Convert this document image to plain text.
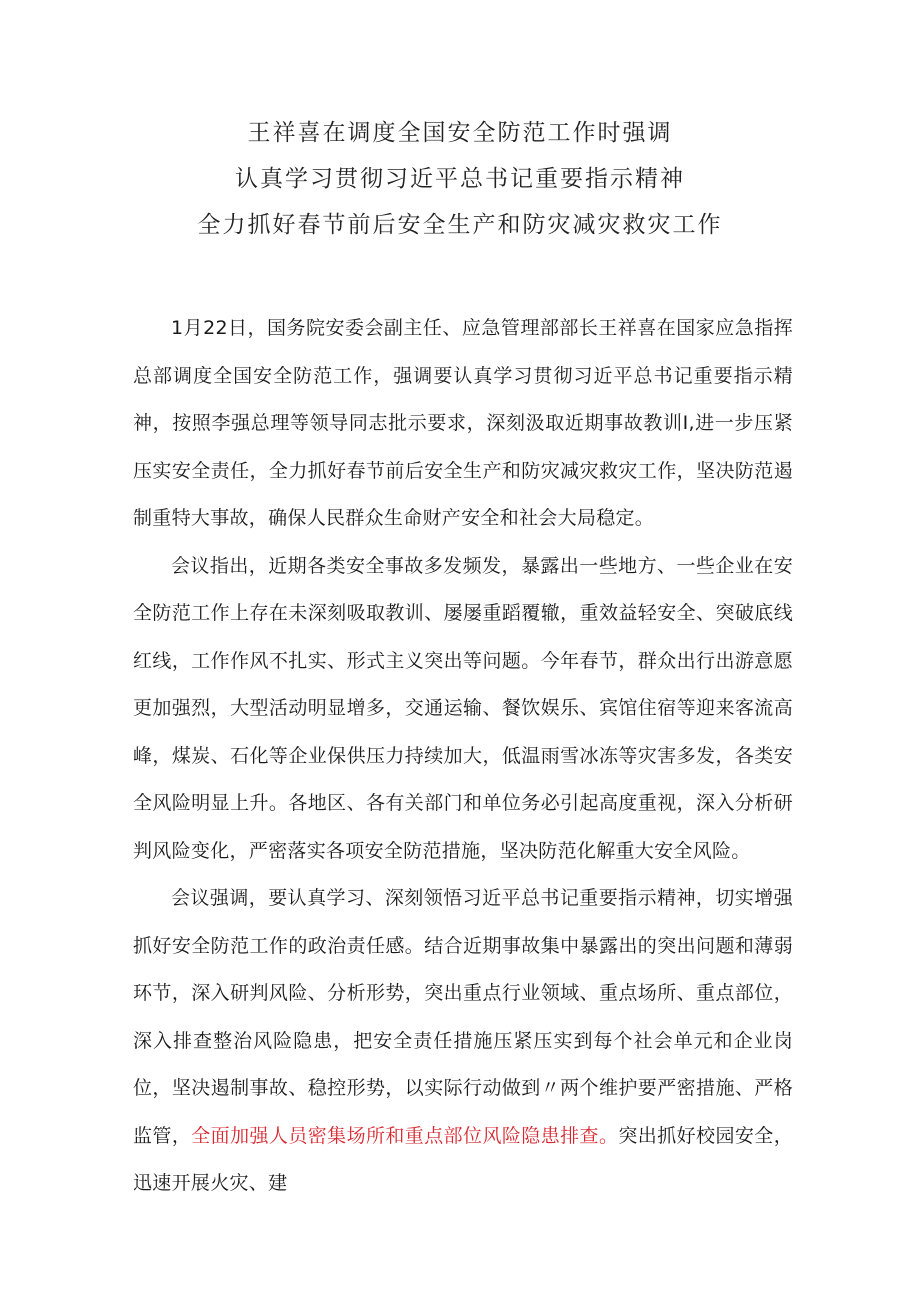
王祥喜在调度全国安全防范工作时强调
认真学习贯彻习近平总书记重要指示精神
全力抓好春节前后安全生产和防灾减灾救灾工作

1月22日，国务院安委会副主任、应急管理部部长王祥喜在国家应急指挥总部调度全国安全防范工作，强调要认真学习贯彻习近平总书记重要指示精神，按照李强总理等领导同志批示要求，深刻汲取近期事故教训I,进一步压紧压实安全责任，全力抓好春节前后安全生产和防灾减灾救灾工作，坚决防范遏制重特大事故，确保人民群众生命财产安全和社会大局稳定。

会议指出，近期各类安全事故多发频发，暴露出一些地方、一些企业在安全防范工作上存在未深刻吸取教训、屡屡重蹈覆辙，重效益轻安全、突破底线红线，工作作风不扎实、形式主义突出等问题。今年春节，群众出行出游意愿更加强烈，大型活动明显增多，交通运输、餐饮娱乐、宾馆住宿等迎来客流高峰，煤炭、石化等企业保供压力持续加大，低温雨雪冰冻等灾害多发，各类安全风险明显上升。各地区、各有关部门和单位务必引起高度重视，深入分析研判风险变化，严密落实各项安全防范措施，坚决防范化解重大安全风险。

会议强调，要认真学习、深刻领悟习近平总书记重要指示精神，切实增强抓好安全防范工作的政治责任感。结合近期事故集中暴露出的突出问题和薄弱环节，深入研判风险、分析形势，突出重点行业领域、重点场所、重点部位，深入排查整治风险隐患，把安全责任措施压紧压实到每个社会单元和企业岗位，坚决遏制事故、稳控形势，以实际行动做到〃两个维护要严密措施、严格监管，全面加强人员密集场所和重点部位风险隐患排查。突出抓好校园安全，迅速开展火灾、建
